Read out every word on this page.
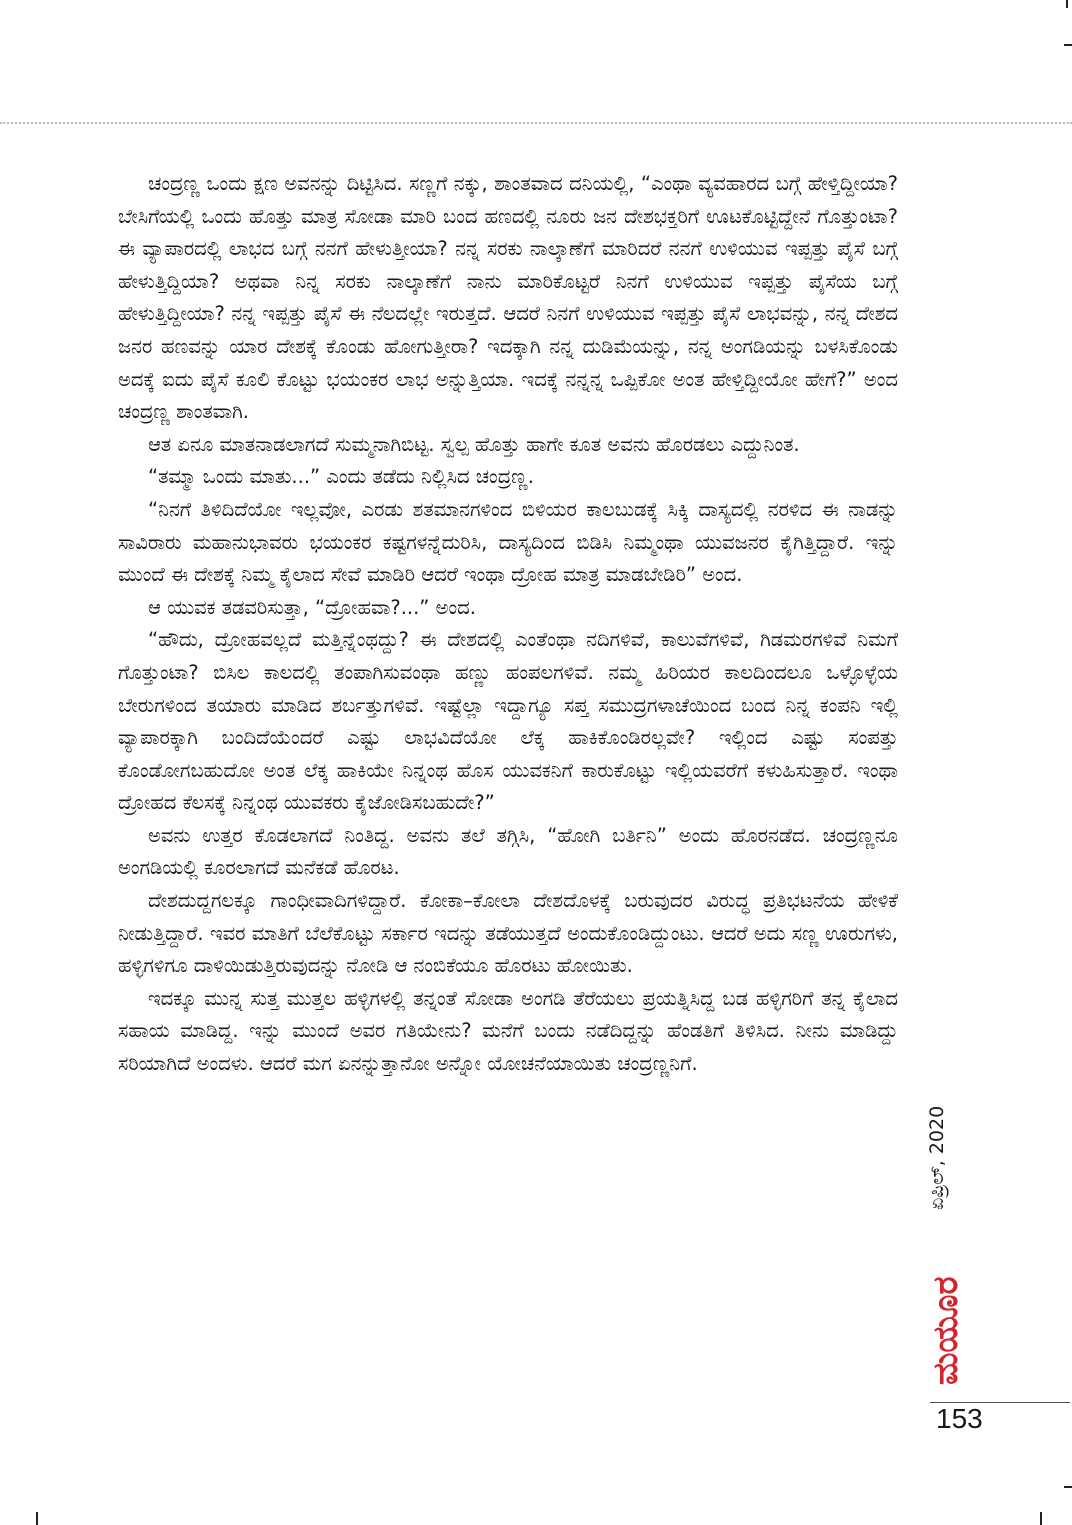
ಚಂದ್ರಣ್ಣ ಒಂದು ಕ್ಷಣ ಅವನನ್ನು ದಿಟ್ಟಿಸಿದ. ಸಣ್ಣಗೆ ನಕ್ಕು, ಶಾಂತವಾದ ದನಿಯಲ್ಲಿ, “ಎಂಥಾ ವ್ಯವಹಾರದ ಬಗ್ಗೆ ಹೇಳ್ತಿದ್ದೀಯಾ? ಬೇಸಿಗೆಯಲ್ಲಿ ಒಂದು ಹೊತ್ತು ಮಾತ್ರ ಸೋಡಾ ಮಾರಿ ಬಂದ ಹಣದಲ್ಲಿ ನೂರು ಜನ ದೇಶಭಕ್ತರಿಗೆ ಊಟಕೊಟ್ಟಿದ್ದೇನೆ ಗೊತ್ತುಂಟಾ? ಈ ವ್ಯಾಪಾರದಲ್ಲಿ ಲಾಭದ ಬಗ್ಗೆ ನನಗೆ ಹೇಳುತ್ತೀಯಾ? ನನ್ನ ಸರಕು ನಾಲ್ಕಾಣೆಗೆ ಮಾರಿದರೆ ನನಗೆ ಉಳಿಯುವ ಇಪ್ಪತ್ತು ಪೈಸೆ ಬಗ್ಗೆ ಹೇಳುತ್ತಿದ್ದಿಯಾ? ಅಥವಾ ನಿನ್ನ ಸರಕು ನಾಲ್ಕಾಣೆಗೆ ನಾನು ಮಾರಿಕೊಟ್ಟರೆ ನಿನಗೆ ಉಳಿಯುವ ಇಪ್ಪತ್ತು ಪೈಸೆಯ ಬಗ್ಗೆ ಹೇಳುತ್ತಿದ್ದೀಯಾ? ನನ್ನ ಇಪ್ಪತ್ತು ಪೈಸೆ ಈ ನೆಲದಲ್ಲೇ ಇರುತ್ತದೆ. ಆದರೆ ನಿನಗೆ ಉಳಿಯುವ ಇಪ್ಪತ್ತು ಪೈಸೆ ಲಾಭವನ್ನು, ನನ್ನ ದೇಶದ ಜನರ ಹಣವನ್ನು ಯಾರ ದೇಶಕ್ಕೆ ಕೊಂಡು ಹೋಗುತ್ತೀರಾ? ಇದಕ್ಕಾಗಿ ನನ್ನ ದುಡಿಮೆಯನ್ನು, ನನ್ನ ಅಂಗಡಿಯನ್ನು ಬಳಸಿಕೊಂಡು ಅದಕ್ಕೆ ಐದು ಪೈಸೆ ಕೂಲಿ ಕೊಟ್ಟು ಭಯಂಕರ ಲಾಭ ಅನ್ನುತ್ತಿಯಾ. ಇದಕ್ಕೆ ನನ್ನನ್ನ ಒಪ್ಪಿಕೋ ಅಂತ ಹೇಳ್ತಿದ್ದೀಯೋ ಹೇಗೆ?” ಅಂದ ಚಂದ್ರಣ್ಣ ಶಾಂತವಾಗಿ.

ಆತ ಏನೂ ಮಾತನಾಡಲಾಗದೆ ಸುಮ್ಮನಾಗಿಬಿಟ್ಟ. ಸ್ವಲ್ಪ ಹೊತ್ತು ಹಾಗೇ ಕೂತ ಅವನು ಹೊರಡಲು ಎದ್ದುನಿಂತ.

“ತಮ್ಮಾ ಒಂದು ಮಾತು...” ಎಂದು ತಡೆದು ನಿಲ್ಲಿಸಿದ ಚಂದ್ರಣ್ಣ.

“ನಿನಗೆ ತಿಳಿದಿದೆಯೋ ಇಲ್ಲವೋ, ಎರಡು ಶತಮಾನಗಳಿಂದ ಬಿಳಿಯರ ಕಾಲಬುಡಕ್ಕೆ ಸಿಕ್ಕಿ ದಾಸ್ಯದಲ್ಲಿ ನರಳಿದ ಈ ನಾಡನ್ನು ಸಾವಿರಾರು ಮಹಾನುಭಾವರು ಭಯಂಕರ ಕಷ್ಟಗಳನ್ನೆದುರಿಸಿ, ದಾಸ್ಯದಿಂದ ಬಿಡಿಸಿ ನಿಮ್ಮಂಥಾ ಯುವಜನರ ಕೈಗಿತ್ತಿದ್ದಾರೆ. ಇನ್ನು ಮುಂದೆ ಈ ದೇಶಕ್ಕೆ ನಿಮ್ಮ ಕೈಲಾದ ಸೇವೆ ಮಾಡಿರಿ ಆದರೆ ಇಂಥಾ ದ್ರೋಹ ಮಾತ್ರ ಮಾಡಬೇಡಿರಿ” ಅಂದ.

ಆ ಯುವಕ ತಡವರಿಸುತ್ತಾ, “ದ್ರೋಹವಾ?...” ಅಂದ.

“ಹೌದು, ದ್ರೋಹವಲ್ಲದೆ ಮತ್ತಿನ್ನೆಂಥದ್ದು? ಈ ದೇಶದಲ್ಲಿ ಎಂತೆಂಥಾ ನದಿಗಳಿವೆ, ಕಾಲುವೆಗಳಿವೆ, ಗಿಡಮರಗಳಿವೆ ನಿಮಗೆ ಗೊತ್ತುಂಟಾ? ಬಿಸಿಲ ಕಾಲದಲ್ಲಿ ತಂಪಾಗಿಸುವಂಥಾ ಹಣ್ಣು ಹಂಪಲಗಳಿವೆ. ನಮ್ಮ ಹಿರಿಯರ ಕಾಲದಿಂದಲೂ ಒಳ್ಳೊಳ್ಳೆಯ ಬೇರುಗಳಿಂದ ತಯಾರು ಮಾಡಿದ ಶರ್ಬತ್ತುಗಳಿವೆ. ಇಷ್ಟೆಲ್ಲಾ ಇದ್ದಾಗ್ಯೂ ಸಪ್ತ ಸಮುದ್ರಗಳಾಚೆಯಿಂದ ಬಂದ ನಿನ್ನ ಕಂಪನಿ ಇಲ್ಲಿ ವ್ಯಾಪಾರಕ್ಕಾಗಿ ಬಂದಿದೆಯೆಂದರೆ ಎಷ್ಟು ಲಾಭವಿದೆಯೋ ಲೆಕ್ಕ ಹಾಕಿಕೊಂಡಿರಲ್ಲವೇ? ಇಲ್ಲಿಂದ ಎಷ್ಟು ಸಂಪತ್ತು ಕೊಂಡೋಗಬಹುದೋ ಅಂತ ಲೆಕ್ಕ ಹಾಕಿಯೇ ನಿನ್ನಂಥ ಹೊಸ ಯುವಕನಿಗೆ ಕಾರುಕೊಟ್ಟು ಇಲ್ಲಿಯವರೆಗೆ ಕಳುಹಿಸುತ್ತಾರೆ. ಇಂಥಾ ದ್ರೋಹದ ಕೆಲಸಕ್ಕೆ ನಿನ್ನಂಥ ಯುವಕರು ಕೈಜೋಡಿಸಬಹುದೇ?”

ಅವನು ಉತ್ತರ ಕೊಡಲಾಗದೆ ನಿಂತಿದ್ದ. ಅವನು ತಲೆ ತಗ್ಗಿಸಿ, “ಹೋಗಿ ಬರ್ತಿನಿ” ಅಂದು ಹೊರನಡೆದ. ಚಂದ್ರಣ್ಣನೂ ಅಂಗಡಿಯಲ್ಲಿ ಕೂರಲಾಗದೆ ಮನೆಕಡೆ ಹೊರಟ.

ದೇಶದುದ್ದಗಲಕ್ಕೂ ಗಾಂಧೀವಾದಿಗಳಿದ್ದಾರೆ. ಕೋಕಾ–ಕೋಲಾ ದೇಶದೊಳಕ್ಕೆ ಬರುವುದರ ವಿರುದ್ಧ ಪ್ರತಿಭಟನೆಯ ಹೇಳಿಕೆ ನೀಡುತ್ತಿದ್ದಾರೆ. ಇವರ ಮಾತಿಗೆ ಬೆಲೆಕೊಟ್ಟು ಸರ್ಕಾರ ಇದನ್ನು ತಡೆಯುತ್ತದೆ ಅಂದುಕೊಂಡಿದ್ದುಂಟು. ಆದರೆ ಅದು ಸಣ್ಣ ಊರುಗಳು, ಹಳ್ಳಿಗಳಿಗೂ ದಾಳಿಯಿಡುತ್ತಿರುವುದನ್ನು ನೋಡಿ ಆ ನಂಬಿಕೆಯೂ ಹೊರಟು ಹೋಯಿತು.

ಇದಕ್ಕೂ ಮುನ್ನ ಸುತ್ತ ಮುತ್ತಲ ಹಳ್ಳಿಗಳಲ್ಲಿ ತನ್ನಂತೆ ಸೋಡಾ ಅಂಗಡಿ ತೆರೆಯಲು ಪ್ರಯತ್ನಿಸಿದ್ದ ಬಡ ಹಳ್ಳಿಗರಿಗೆ ತನ್ನ ಕೈಲಾದ ಸಹಾಯ ಮಾಡಿದ್ದ. ಇನ್ನು ಮುಂದೆ ಅವರ ಗತಿಯೇನು? ಮನೆಗೆ ಬಂದು ನಡೆದಿದ್ದನ್ನು ಹೆಂಡತಿಗೆ ತಿಳಿಸಿದ. ನೀನು ಮಾಡಿದ್ದು ಸರಿಯಾಗಿದೆ ಅಂದಳು. ಆದರೆ ಮಗ ಏನನ್ನುತ್ತಾನೋ ಅನ್ನೋ ಯೋಚನೆಯಾಯಿತು ಚಂದ್ರಣ್ಣನಿಗೆ.

ಏಪ್ರಿಲ್, 2020
ಮಯೂರ
153
